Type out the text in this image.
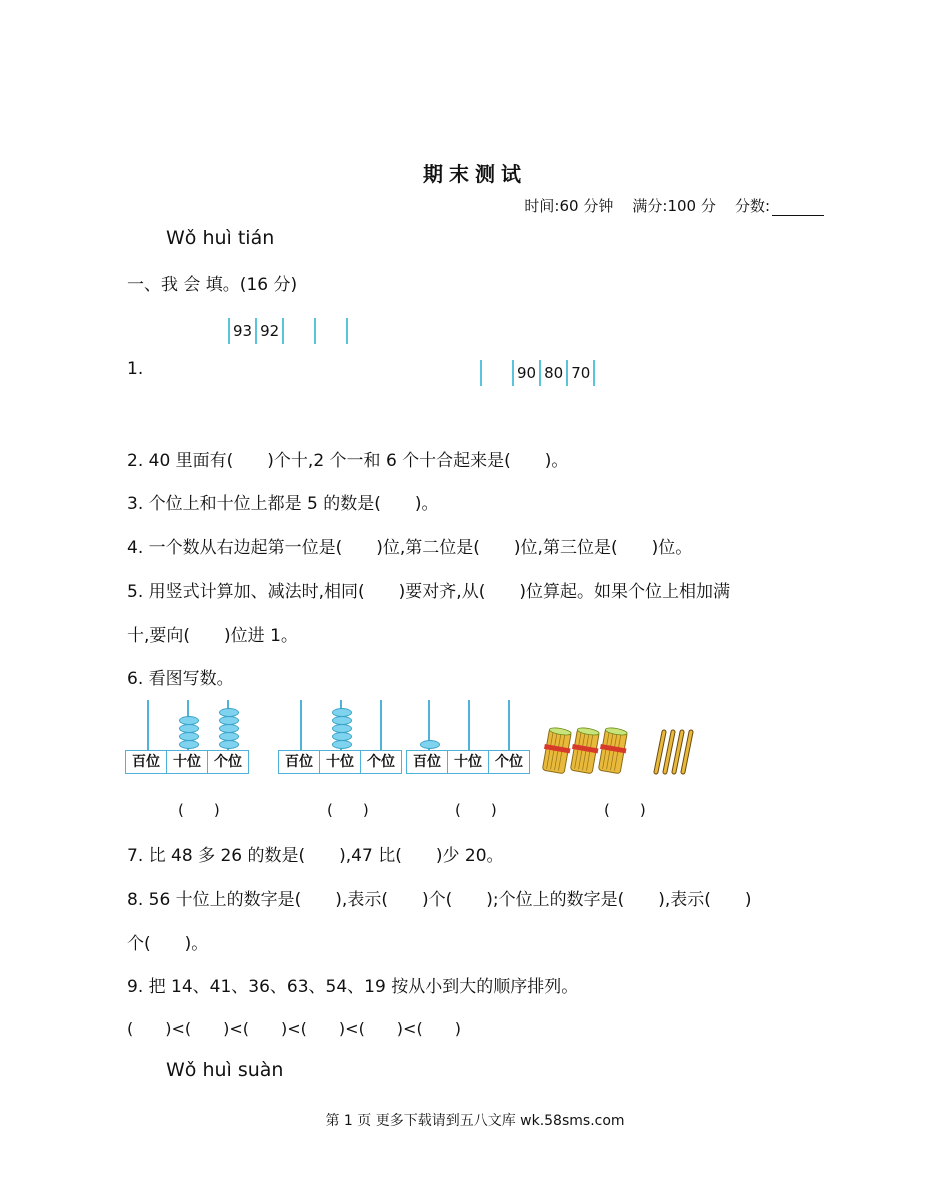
期末测试
时间:60 分钟 满分:100 分 分数:
Wǒ huì tián
一、我 会 填。(16 分)
93 92
1.	90 80 70
2. 40 里面有(　　)个十,2 个一和 6 个十合起来是(　　)。
3. 个位上和十位上都是 5 的数是(　　)。
4. 一个数从右边起第一位是(　　)位,第二位是(　　)位,第三位是(　　)位。
5. 用竖式计算加、减法时,相同(　　)要对齐,从(　　)位算起。如果个位上相加满
十,要向(　　)位进 1。
6. 看图写数。
百位 十位 个位	百位 十位 个位	百位 十位 个位
(　　)	(　　)	(　　)	(　　)
7. 比 48 多 26 的数是(　　),47 比(　　)少 20。
8. 56 十位上的数字是(　　),表示(　　)个(　　);个位上的数字是(　　),表示(　　)
个(　　)。
9. 把 14、41、36、63、54、19 按从小到大的顺序排列。
(　　)<(　　)<(　　)<(　　)<(　　)<(　　)
Wǒ huì suàn
第 1 页 更多下载请到五八文库 wk.58sms.com
